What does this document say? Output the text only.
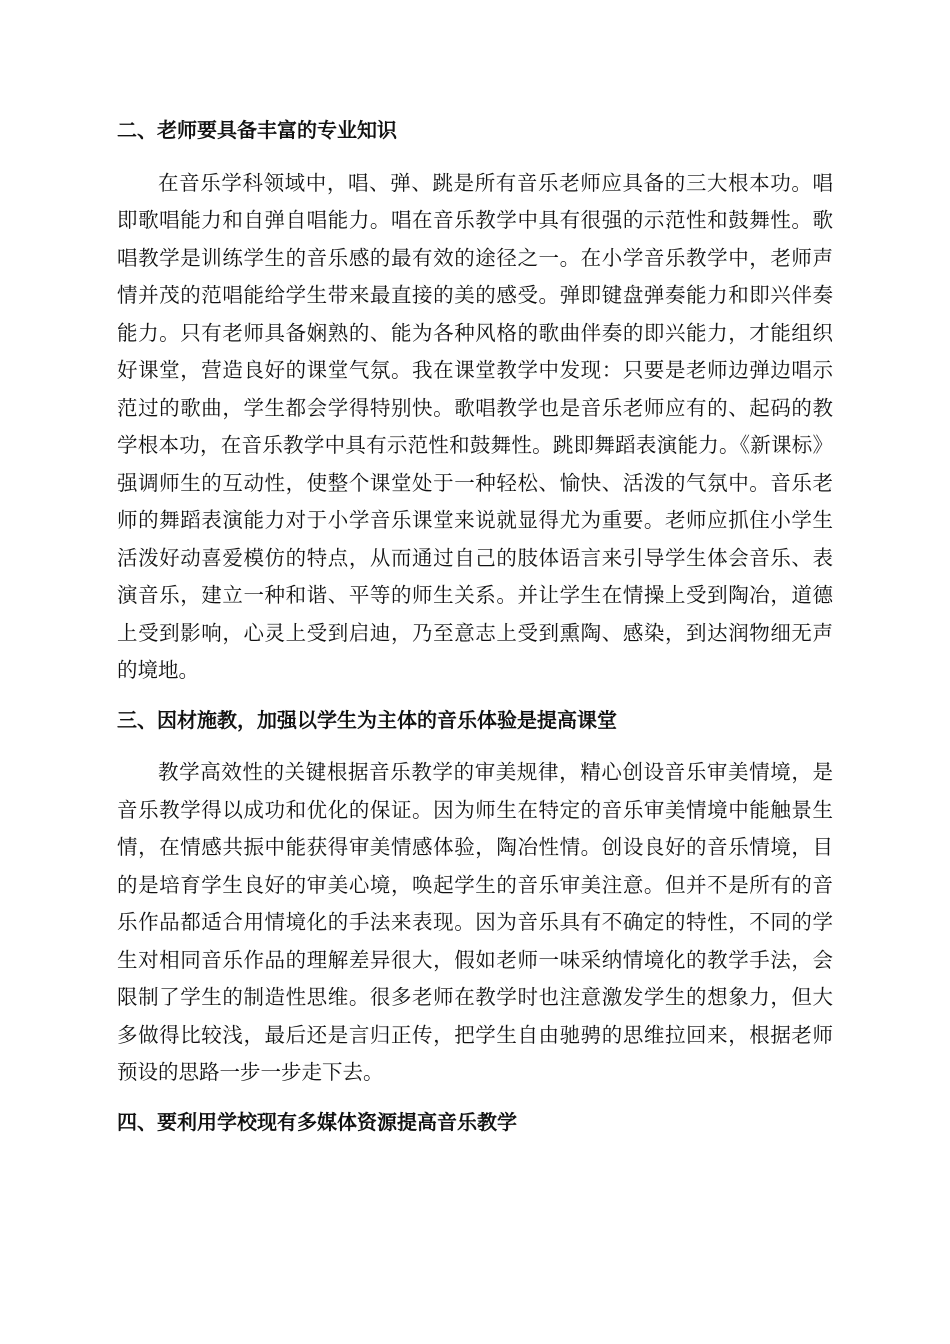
二、老师要具备丰富的专业知识

在音乐学科领域中，唱、弹、跳是所有音乐老师应具备的三大根本功。唱即歌唱能力和自弹自唱能力。唱在音乐教学中具有很强的示范性和鼓舞性。歌唱教学是训练学生的音乐感的最有效的途径之一。在小学音乐教学中，老师声情并茂的范唱能给学生带来最直接的美的感受。弹即键盘弹奏能力和即兴伴奏能力。只有老师具备娴熟的、能为各种风格的歌曲伴奏的即兴能力，才能组织好课堂，营造良好的课堂气氛。我在课堂教学中发现：只要是老师边弹边唱示范过的歌曲，学生都会学得特别快。歌唱教学也是音乐老师应有的、起码的教学根本功，在音乐教学中具有示范性和鼓舞性。跳即舞蹈表演能力。《新课标》强调师生的互动性，使整个课堂处于一种轻松、愉快、活泼的气氛中。音乐老师的舞蹈表演能力对于小学音乐课堂来说就显得尤为重要。老师应抓住小学生活泼好动喜爱模仿的特点，从而通过自己的肢体语言来引导学生体会音乐、表演音乐，建立一种和谐、平等的师生关系。并让学生在情操上受到陶冶，道德上受到影响，心灵上受到启迪，乃至意志上受到熏陶、感染，到达润物细无声的境地。

三、因材施教，加强以学生为主体的音乐体验是提高课堂

教学高效性的关键根据音乐教学的审美规律，精心创设音乐审美情境，是音乐教学得以成功和优化的保证。因为师生在特定的音乐审美情境中能触景生情，在情感共振中能获得审美情感体验，陶冶性情。创设良好的音乐情境，目的是培育学生良好的审美心境，唤起学生的音乐审美注意。但并不是所有的音乐作品都适合用情境化的手法来表现。因为音乐具有不确定的特性，不同的学生对相同音乐作品的理解差异很大，假如老师一味采纳情境化的教学手法，会限制了学生的制造性思维。很多老师在教学时也注意激发学生的想象力，但大多做得比较浅，最后还是言归正传，把学生自由驰骋的思维拉回来，根据老师预设的思路一步一步走下去。

四、要利用学校现有多媒体资源提高音乐教学
